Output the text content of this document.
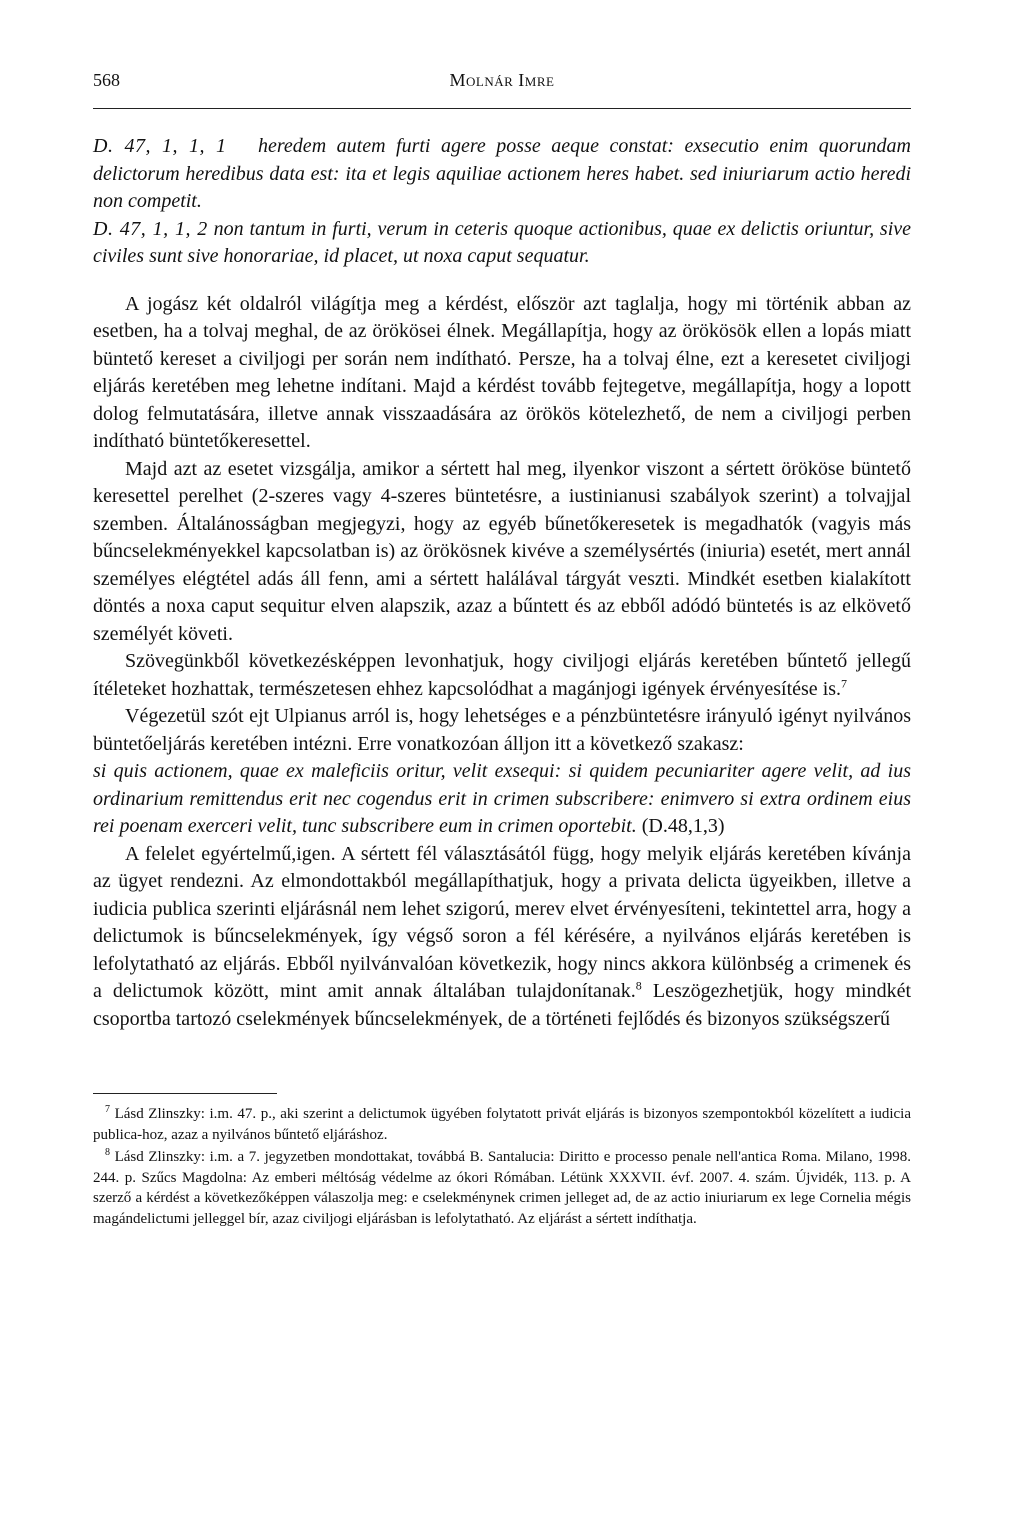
568	Molnár Imre

D. 47, 1, 1, 1 heredem autem furti agere posse aeque constat: exsecutio enim quorundam delictorum heredibus data est: ita et legis aquiliae actionem heres habet. sed iniuriarum actio heredi non competit.

D. 47, 1, 1, 2 non tantum in furti, verum in ceteris quoque actionibus, quae ex delictis oriuntur, sive civiles sunt sive honorariae, id placet, ut noxa caput sequatur.

A jogász két oldalról világítja meg a kérdést, először azt taglalja, hogy mi történik abban az esetben, ha a tolvaj meghal, de az örökösei élnek. Megállapítja, hogy az örökösök ellen a lopás miatt büntető kereset a civiljogi per során nem indítható. Persze, ha a tolvaj élne, ezt a keresetet civiljogi eljárás keretében meg lehetne indítani. Majd a kérdést tovább fejtegetve, megállapítja, hogy a lopott dolog felmutatására, illetve annak visszaadására az örökös kötelezhető, de nem a civiljogi perben indítható büntetőkeresettel.

Majd azt az esetet vizsgálja, amikor a sértett hal meg, ilyenkor viszont a sértett örököse büntető keresettel perelhet (2-szeres vagy 4-szeres büntetésre, a iustinianusi szabályok szerint) a tolvajjal szemben. Általánosságban megjegyzi, hogy az egyéb bűnetőkeresetek is megadhatók (vagyis más bűncselekményekkel kapcsolatban is) az örökösnek kivéve a személysértés (iniuria) esetét, mert annál személyes elégtétel adás áll fenn, ami a sértett halálával tárgyát veszti. Mindkét esetben kialakított döntés a noxa caput sequitur elven alapszik, azaz a bűntett és az ebből adódó büntetés is az elkövető személyét követi.

Szövegünkből következésképpen levonhatjuk, hogy civiljogi eljárás keretében bűntető jellegű ítéleteket hozhattak, természetesen ehhez kapcsolódhat a magánjogi igények érvényesítése is.$^7$

Végezetül szót ejt Ulpianus arról is, hogy lehetséges e a pénzbüntetésre irányuló igényt nyilvános büntetőeljárás keretében intézni. Erre vonatkozóan álljon itt a következő szakasz:

si quis actionem, quae ex maleficiis oritur, velit exsequi: si quidem pecuniariter agere velit, ad ius ordinarium remittendus erit nec cogendus erit in crimen subscribere: enimvero si extra ordinem eius rei poenam exerceri velit, tunc subscribere eum in crimen oportebit. (D.48,1,3)

A felelet egyértelmű,igen. A sértett fél választásától függ, hogy melyik eljárás keretében kívánja az ügyet rendezni. Az elmondottakból megállapíthatjuk, hogy a privata delicta ügyeikben, illetve a iudicia publica szerinti eljárásnál nem lehet szigorú, merev elvet érvényesíteni, tekintettel arra, hogy a delictumok is bűncselekmények, így végső soron a fél kérésére, a nyilvános eljárás keretében is lefolytatható az eljárás. Ebből nyilvánvalóan következik, hogy nincs akkora különbség a crimenek és a delictumok között, mint amit annak általában tulajdonítanak.$^8$ Leszögezhetjük, hogy mindkét csoportba tartozó cselekmények bűncselekmények, de a történeti fejlődés és bizonyos szükségszerű

$^7$ Lásd Zlinszky: i.m. 47. p., aki szerint a delictumok ügyében folytatott privát eljárás is bizonyos szempontokból közelített a iudicia publica-hoz, azaz a nyilvános bűntető eljáráshoz.

$^8$ Lásd Zlinszky: i.m. a 7. jegyzetben mondottakat, továbbá B. Santalucia: Diritto e processo penale nell'antica Roma. Milano, 1998. 244. p. Szűcs Magdolna: Az emberi méltóság védelme az ókori Rómában. Létünk XXXVII. évf. 2007. 4. szám. Újvidék, 113. p. A szerző a kérdést a következőképpen válaszolja meg: e cselekménynek crimen jelleget ad, de az actio iniuriarum ex lege Cornelia mégis magándelictumi jelleggel bír, azaz civiljogi eljárásban is lefolytatható. Az eljárást a sértett indíthatja.
